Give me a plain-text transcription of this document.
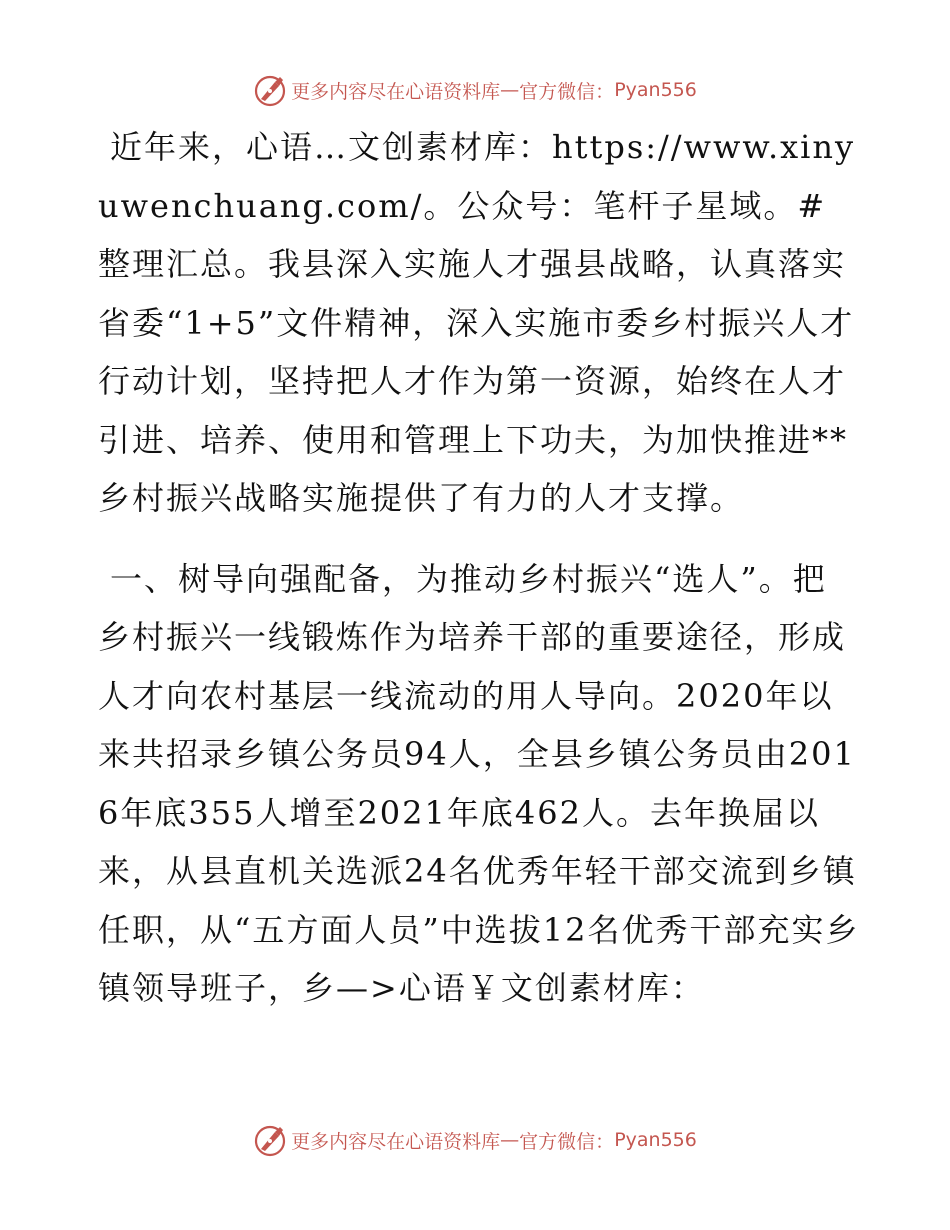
更多内容尽在心语资料库 — 官方微信： Pyan556

近年来，心语…文创素材库：https://www.xinyuwenchuang.com/。公众号：笔杆子星域。#整理汇总。我县深入实施人才强县战略，认真落实省委“1+5”文件精神，深入实施市委乡村振兴人才行动计划，坚持把人才作为第一资源，始终在人才引进、培养、使用和管理上下功夫，为加快推进**乡村振兴战略实施提供了有力的人才支撑。

一、树导向强配备，为推动乡村振兴“选人”。把乡村振兴一线锻炼作为培养干部的重要途径，形成人才向农村基层一线流动的用人导向。2020年以来共招录乡镇公务员94人，全县乡镇公务员由2016年底355人增至2021年底462人。去年换届以来，从县直机关选派24名优秀年轻干部交流到乡镇任职，从“五方面人员”中选拔12名优秀干部充实乡镇领导班子，乡—>心语￥文创素材库：

更多内容尽在心语资料库 — 官方微信： Pyan556
